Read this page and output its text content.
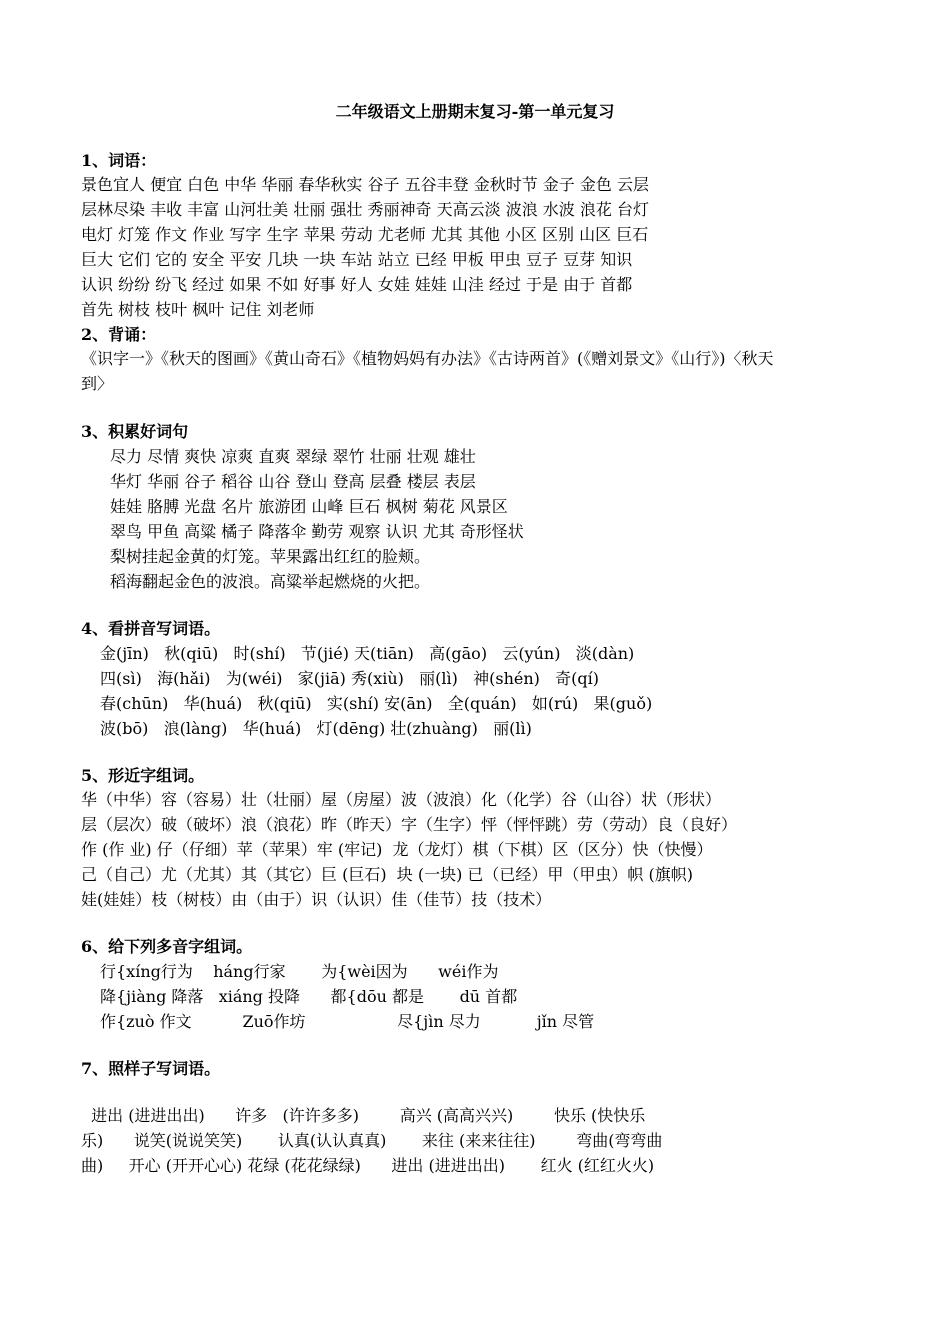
二年级语文上册期末复习-第一单元复习
1、词语：
景色宜人 便宜 白色 中华 华丽 春华秋实 谷子 五谷丰登 金秋时节 金子 金色 云层
层林尽染 丰收 丰富 山河壮美 壮丽 强壮 秀丽神奇 天高云淡 波浪 水波 浪花 台灯
电灯 灯笼 作文 作业 写字 生字 苹果 劳动 尤老师 尤其 其他 小区 区别 山区 巨石
巨大 它们 它的 安全 平安 几块 一块 车站 站立 已经 甲板 甲虫 豆子 豆芽 知识
认识 纷纷 纷飞 经过 如果 不如 好事 好人 女娃 娃娃 山洼 经过 于是 由于 首都
首先 树枝 枝叶 枫叶 记住 刘老师
2、背诵：
《识字一》《秋天的图画》《黄山奇石》《植物妈妈有办法》《古诗两首》(《赠刘景文》《山行》)〈秋天
到〉
3、积累好词句
尽力 尽情 爽快 凉爽 直爽 翠绿 翠竹 壮丽 壮观 雄壮
华灯 华丽 谷子 稻谷 山谷 登山 登高 层叠 楼层 表层
娃娃 胳膊 光盘 名片 旅游团 山峰 巨石 枫树 菊花 风景区
翠鸟 甲鱼 高粱 橘子 降落伞 勤劳 观察 认识 尤其 奇形怪状
梨树挂起金黄的灯笼。苹果露出红红的脸颊。
稻海翻起金色的波浪。高粱举起燃烧的火把。
4、看拼音写词语。
金(jīn)   秋(qiū)   时(shí)   节(jié) 天(tiān)   高(gāo)   云(yún)   淡(dàn)
四(sì)   海(hǎi)   为(wéi)   家(jiā) 秀(xiù)   丽(lì)   神(shén)   奇(qí)
春(chūn)   华(huá)   秋(qiū)   实(shí) 安(ān)   全(quán)   如(rú)   果(guǒ)
波(bō)   浪(làng)   华(huá)   灯(dēng) 壮(zhuàng)   丽(lì)
5、形近字组词。
华（中华）容（容易）壮（壮丽）屋（房屋）波（波浪）化（化学）谷（山谷）状（形状）
层（层次）破（破坏）浪（浪花）昨（昨天）字（生字）怦（怦怦跳）劳（劳动）良（良好）
作 (作 业) 仔（仔细）苹（苹果）牢 (牢记)  龙（龙灯）棋（下棋）区（区分）快（快慢）
己（自己）尤（尤其）其（其它）巨 (巨石)  块 (一块) 已（已经）甲（甲虫）帜 (旗帜)
娃(娃娃）枝（树枝）由（由于）识（认识）佳（佳节）技（技术）
6、给下列多音字组词。
行{xíng行为    háng行家       为{wèi因为      wéi作为
降{jiàng 降落   xiáng 投降      都{dōu 都是       dū 首都
作{zuò 作文          Zuō作坊                  尽{jìn 尽力           jǐn 尽管
7、照样子写词语。
进出 (进进出出)      许多   (许许多多)        高兴 (高高兴兴)        快乐 (快快乐
乐)      说笑(说说笑笑)       认真(认认真真)       来往 (来来往往)        弯曲(弯弯曲
曲)     开心 (开开心心) 花绿 (花花绿绿)      进出 (进进出出)       红火 (红红火火)
